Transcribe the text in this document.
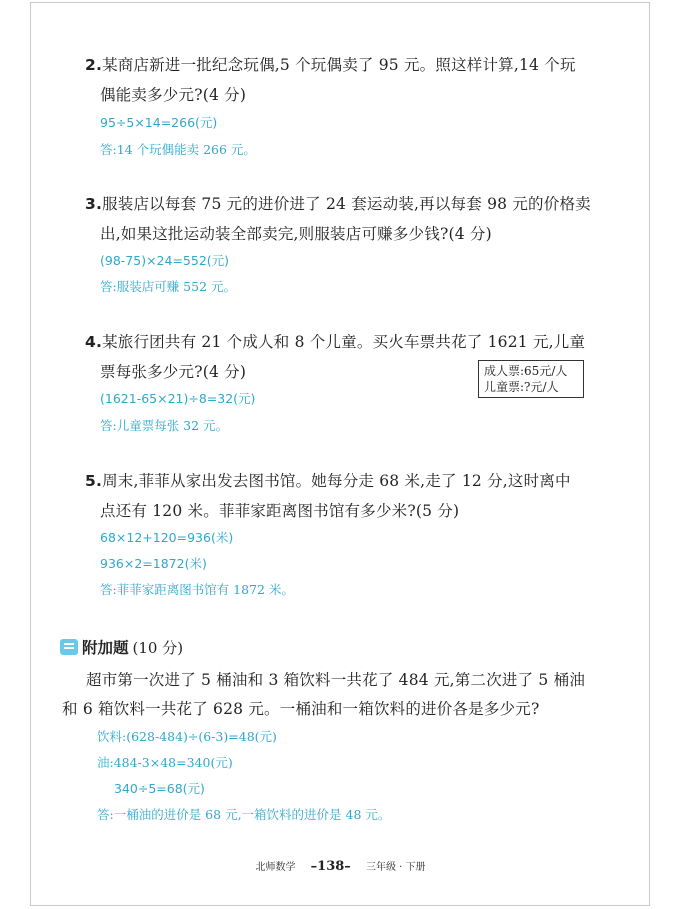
2.某商店新进一批纪念玩偶,5 个玩偶卖了 95 元。照这样计算,14 个玩
偶能卖多少元?(4 分)
95÷5×14=266(元)
答:14 个玩偶能卖 266 元。
3.服装店以每套 75 元的进价进了 24 套运动装,再以每套 98 元的价格卖
出,如果这批运动装全部卖完,则服装店可赚多少钱?(4 分)
(98-75)×24=552(元)
答:服装店可赚 552 元。
4.某旅行团共有 21 个成人和 8 个儿童。买火车票共花了 1621 元,儿童
票每张多少元?(4 分)	成人票:65元/人
儿童票:?元/人
(1621-65×21)÷8=32(元)
答:儿童票每张 32 元。
5.周末,菲菲从家出发去图书馆。她每分走 68 米,走了 12 分,这时离中
点还有 120 米。菲菲家距离图书馆有多少米?(5 分)
68×12+120=936(米)
936×2=1872(米)
答:菲菲家距离图书馆有 1872 米。
附加题 (10 分)
超市第一次进了 5 桶油和 3 箱饮料一共花了 484 元,第二次进了 5 桶油
和 6 箱饮料一共花了 628 元。一桶油和一箱饮料的进价各是多少元?
饮料:(628-484)÷(6-3)=48(元)
油:484-3×48=340(元)
340÷5=68(元)
答:一桶油的进价是 68 元,一箱饮料的进价是 48 元。
北师数学 –138– 三年级 · 下册
